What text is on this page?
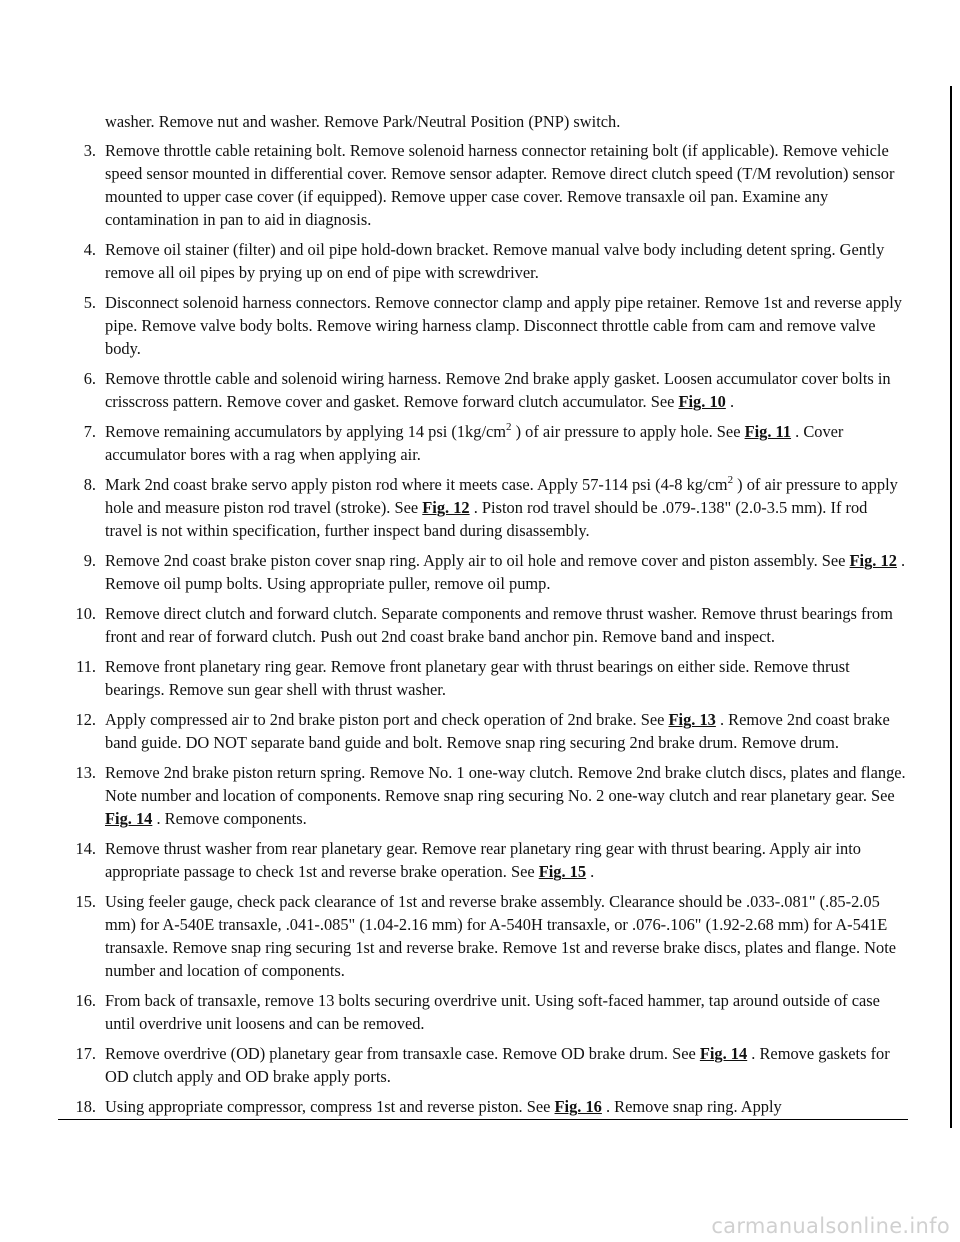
washer. Remove nut and washer. Remove Park/Neutral Position (PNP) switch.
3. Remove throttle cable retaining bolt. Remove solenoid harness connector retaining bolt (if applicable). Remove vehicle speed sensor mounted in differential cover. Remove sensor adapter. Remove direct clutch speed (T/M revolution) sensor mounted to upper case cover (if equipped). Remove upper case cover. Remove transaxle oil pan. Examine any contamination in pan to aid in diagnosis.
4. Remove oil stainer (filter) and oil pipe hold-down bracket. Remove manual valve body including detent spring. Gently remove all oil pipes by prying up on end of pipe with screwdriver.
5. Disconnect solenoid harness connectors. Remove connector clamp and apply pipe retainer. Remove 1st and reverse apply pipe. Remove valve body bolts. Remove wiring harness clamp. Disconnect throttle cable from cam and remove valve body.
6. Remove throttle cable and solenoid wiring harness. Remove 2nd brake apply gasket. Loosen accumulator cover bolts in crisscross pattern. Remove cover and gasket. Remove forward clutch accumulator. See Fig. 10 .
7. Remove remaining accumulators by applying 14 psi ($1kg/cm^2$ ) of air pressure to apply hole. See Fig. 11 . Cover accumulator bores with a rag when applying air.
8. Mark 2nd coast brake servo apply piston rod where it meets case. Apply 57-114 psi (4-8 $kg/cm^2$ ) of air pressure to apply hole and measure piston rod travel (stroke). See Fig. 12 . Piston rod travel should be .079-.138" (2.0-3.5 mm). If rod travel is not within specification, further inspect band during disassembly.
9. Remove 2nd coast brake piston cover snap ring. Apply air to oil hole and remove cover and piston assembly. See Fig. 12 . Remove oil pump bolts. Using appropriate puller, remove oil pump.
10. Remove direct clutch and forward clutch. Separate components and remove thrust washer. Remove thrust bearings from front and rear of forward clutch. Push out 2nd coast brake band anchor pin. Remove band and inspect.
11. Remove front planetary ring gear. Remove front planetary gear with thrust bearings on either side. Remove thrust bearings. Remove sun gear shell with thrust washer.
12. Apply compressed air to 2nd brake piston port and check operation of 2nd brake. See Fig. 13 . Remove 2nd coast brake band guide. DO NOT separate band guide and bolt. Remove snap ring securing 2nd brake drum. Remove drum.
13. Remove 2nd brake piston return spring. Remove No. 1 one-way clutch. Remove 2nd brake clutch discs, plates and flange. Note number and location of components. Remove snap ring securing No. 2 one-way clutch and rear planetary gear. See Fig. 14 . Remove components.
14. Remove thrust washer from rear planetary gear. Remove rear planetary ring gear with thrust bearing. Apply air into appropriate passage to check 1st and reverse brake operation. See Fig. 15 .
15. Using feeler gauge, check pack clearance of 1st and reverse brake assembly. Clearance should be .033-.081" (.85-2.05 mm) for A-540E transaxle, .041-.085" (1.04-2.16 mm) for A-540H transaxle, or .076-.106" (1.92-2.68 mm) for A-541E transaxle. Remove snap ring securing 1st and reverse brake. Remove 1st and reverse brake discs, plates and flange. Note number and location of components.
16. From back of transaxle, remove 13 bolts securing overdrive unit. Using soft-faced hammer, tap around outside of case until overdrive unit loosens and can be removed.
17. Remove overdrive (OD) planetary gear from transaxle case. Remove OD brake drum. See Fig. 14 . Remove gaskets for OD clutch apply and OD brake apply ports.
18. Using appropriate compressor, compress 1st and reverse piston. See Fig. 16 . Remove snap ring. Apply
carmanualsonline.info
